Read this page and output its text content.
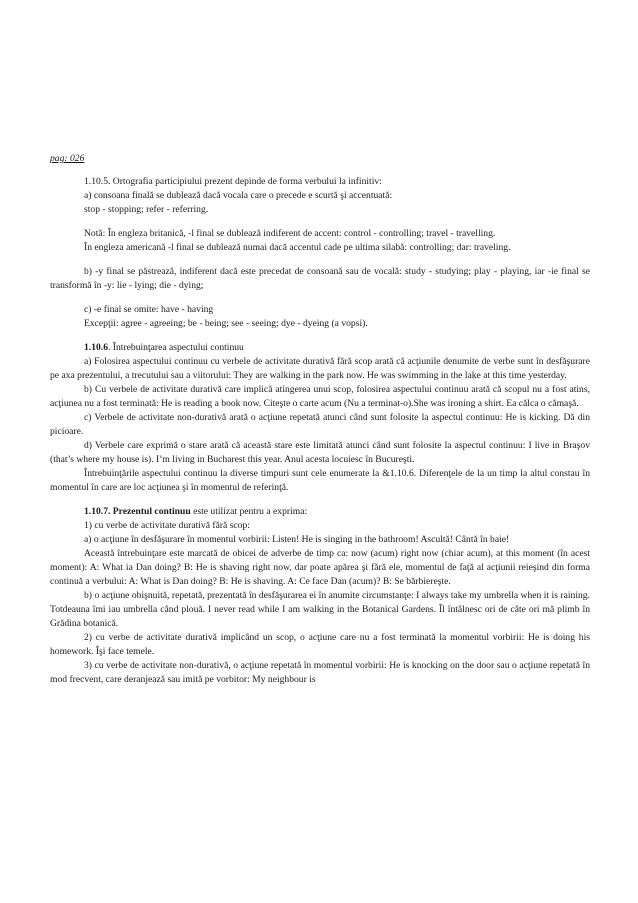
pag: 026

1.10.5. Ortografia participiului prezent depinde de forma verbului la infinitiv:

a) consoana finală se dublează dacă vocala care o precede e scurtă şi accentuată:

stop - stopping; refer - referring.

Notă: În engleza britanică, -l final se dublează indiferent de accent: control - controlling; travel - travelling.

În engleza americană -l final se dublează numai dacă accentul cade pe ultima silabă: controlling; dar: traveling.

b) -y final se păstrează, indiferent dacă este precedat de consoană sau de vocală: study - studying; play - playing, iar -ie final se transformă în -y: lie - lying; die - dying;

c) -e final se omite: have - having

Excepţii: agree - agreeing; be - being; see - seeing; dye - dyeing (a vopsi).

1.10.6. Întrebuinţarea aspectului continuu

a) Folosirea aspectului continuu cu verbele de activitate durativă fără scop arată că acţiunile denumite de verbe sunt în desfăşurare pe axa prezentului, a trecutului sau a viitorului: They are walking in the park now. He was swimming in the lake at this time yesterday.

b) Cu verbele de activitate durativă care implică atingerea unui scop, folosirea aspectului continuu arată că scopul nu a fost atins, acţiunea nu a fost terminată: He is reading a book now. Citeşte o carte acum (Nu a terminat-o).She was ironing a shirt. Ea călca o cămaşă.

c) Verbele de activitate non-durativă arată o acţiune repetată atunci când sunt folosite la aspectul continuu: He is kicking. Dă din picioare.

d) Verbele care exprimă o stare arată că această stare este limitată atunci când sunt folosite la aspectul continuu: I live in Braşov (that’s where my house is). I’m living in Bucharest this year. Anul acesta locuiesc în Bucureşti.

Întrebuinţările aspectului continuu la diverse timpuri sunt cele enumerate la &1.10.6. Diferenţele de la un timp la altul constau în momentul în care are loc acţiunea şi în momentul de referinţă.

1.10.7. Prezentul continuu este utilizat pentru a exprima:

1) cu verbe de activitate durativă fără scop:

a) o acţiune în desfăşurare în momentul vorbirii: Listen! He is singing in the bathroom! Ascultă! Cântă în baie!

Această întrebuinţare este marcată de obicei de adverbe de timp ca: now (acum) right now (chiar acum), at this moment (în acest moment): A: What ia Dan doing? B: He is shaving right now, dar poate apărea şi fără ele, momentul de faţă al acţiunii reieşind din forma continuă a verbului: A: What is Dan doing? B: He is shaving. A: Ce face Dan (acum)? B: Se bărbiereşte.

b) o acţiune obişnuită, repetată, prezentată în desfăşurarea ei în anumite circumstanţe: I always take my umbrella when it is raining. Totdeauna îmi iau umbrella când plouă. I never read while I am walking in the Botanical Gardens. Îl întâlnesc ori de câte ori mă plimb în Grădina botanică.

2) cu verbe de activitate durativă implicând un scop, o acţiune care nu a fost terminată la momentul vorbirii: He is doing his homework. Îşi face temele.

3) cu verbe de activitate non-durativă, o acţiune repetată în momentul vorbirii: He is knocking on the door sau o acţiune repetată în mod frecvent, care deranjează sau imită pe vorbitor: My neighbour is
